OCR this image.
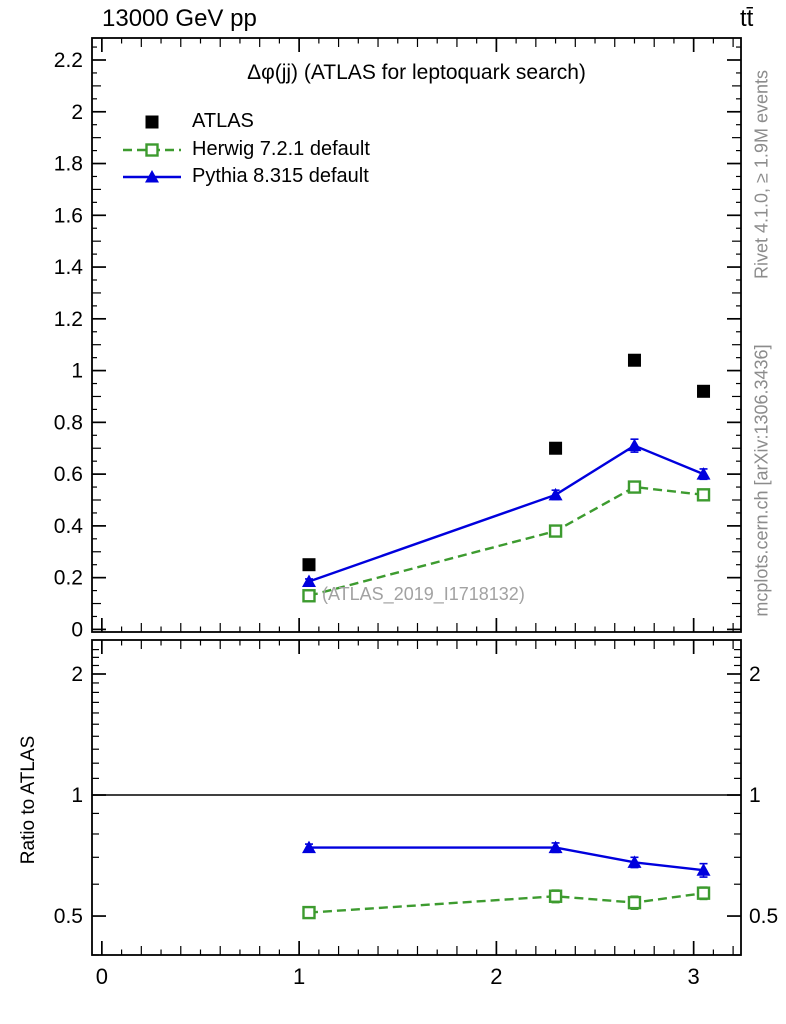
0
0.2
0.4
0.6
0.8
1
1.2
1.4
1.6
1.8
2
2.2
0	1	2	3
0.5	0.5
1	1
2	2
13000 GeV pp	tt̄
Δφ(jj) (ATLAS for leptoquark search)
ATLAS
Herwig 7.2.1 default
Pythia 8.315 default
(ATLAS_2019_I1718132)
Rivet 4.1.0, ≥ 1.9M events
mcplots.cern.ch [arXiv:1306.3436]
Ratio to ATLAS
